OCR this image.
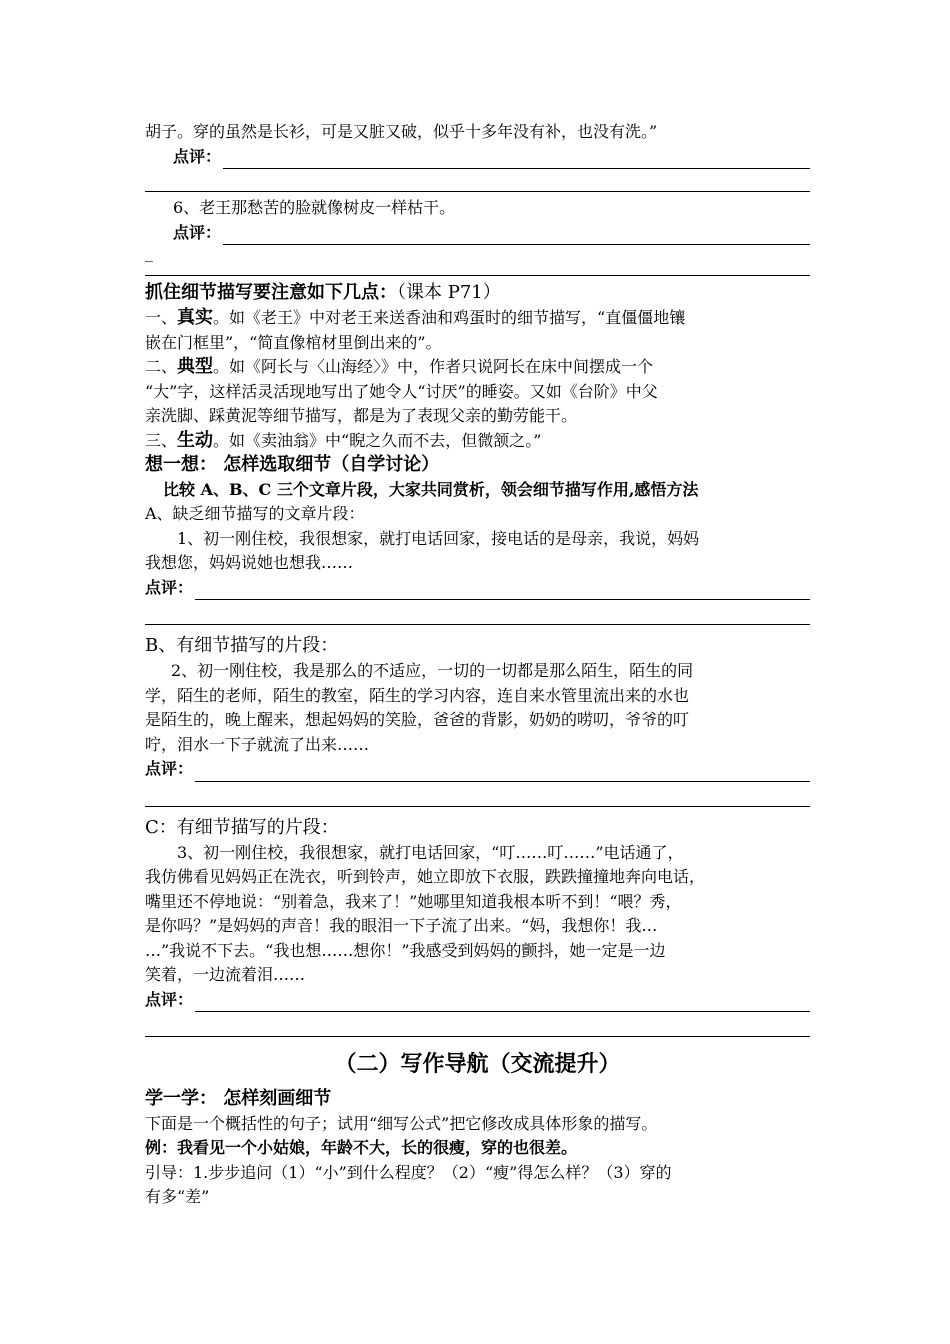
胡子。穿的虽然是长衫，可是又脏又破，似乎十多年没有补，也没有洗。”

点评：

6、老王那愁苦的脸就像树皮一样枯干。

点评：
_

抓住细节描写要注意如下几点：（课本 P71）

一、真实。如《老王》中对老王来送香油和鸡蛋时的细节描写，“直僵僵地镶

嵌在门框里”，“简直像棺材里倒出来的”。

二、典型。如《阿长与〈山海经〉》中，作者只说阿长在床中间摆成一个

“大”字，这样活灵活现地写出了她令人“讨厌”的睡姿。又如《台阶》中父

亲洗脚、踩黄泥等细节描写，都是为了表现父亲的勤劳能干。

三、生动。如《卖油翁》中“睨之久而不去，但微颔之。”

想一想： 怎样选取细节（自学讨论）

比较 A、B、C 三个文章片段，大家共同赏析，领会细节描写作用,感悟方法

A、缺乏细节描写的文章片段：

1、初一刚住校，我很想家，就打电话回家，接电话的是母亲，我说，妈妈

我想您，妈妈说她也想我……

点评：

B、有细节描写的片段：

2、初一刚住校，我是那么的不适应，一切的一切都是那么陌生，陌生的同

学，陌生的老师，陌生的教室，陌生的学习内容，连自来水管里流出来的水也

是陌生的，晚上醒来，想起妈妈的笑脸，爸爸的背影，奶奶的唠叨，爷爷的叮

咛，泪水一下子就流了出来……

点评：

C：有细节描写的片段：

3、初一刚住校，我很想家，就打电话回家，“叮……叮……”电话通了，

我仿佛看见妈妈正在洗衣，听到铃声，她立即放下衣服，跌跌撞撞地奔向电话，

嘴里还不停地说：“别着急，我来了！”她哪里知道我根本听不到！“喂？秀，

是你吗？”是妈妈的声音！我的眼泪一下子流了出来。“妈，我想你！我…

…”我说不下去。“我也想……想你！”我感受到妈妈的颤抖，她一定是一边

笑着，一边流着泪……

点评：
（二）写作导航（交流提升）

学一学： 怎样刻画细节

下面是一个概括性的句子；试用“细写公式”把它修改成具体形象的描写。

例：我看见一个小姑娘，年龄不大，长的很瘦，穿的也很差。

引导：1.步步追问（1）“小”到什么程度？（2）“瘦”得怎么样？（3）穿的

有多“差”
